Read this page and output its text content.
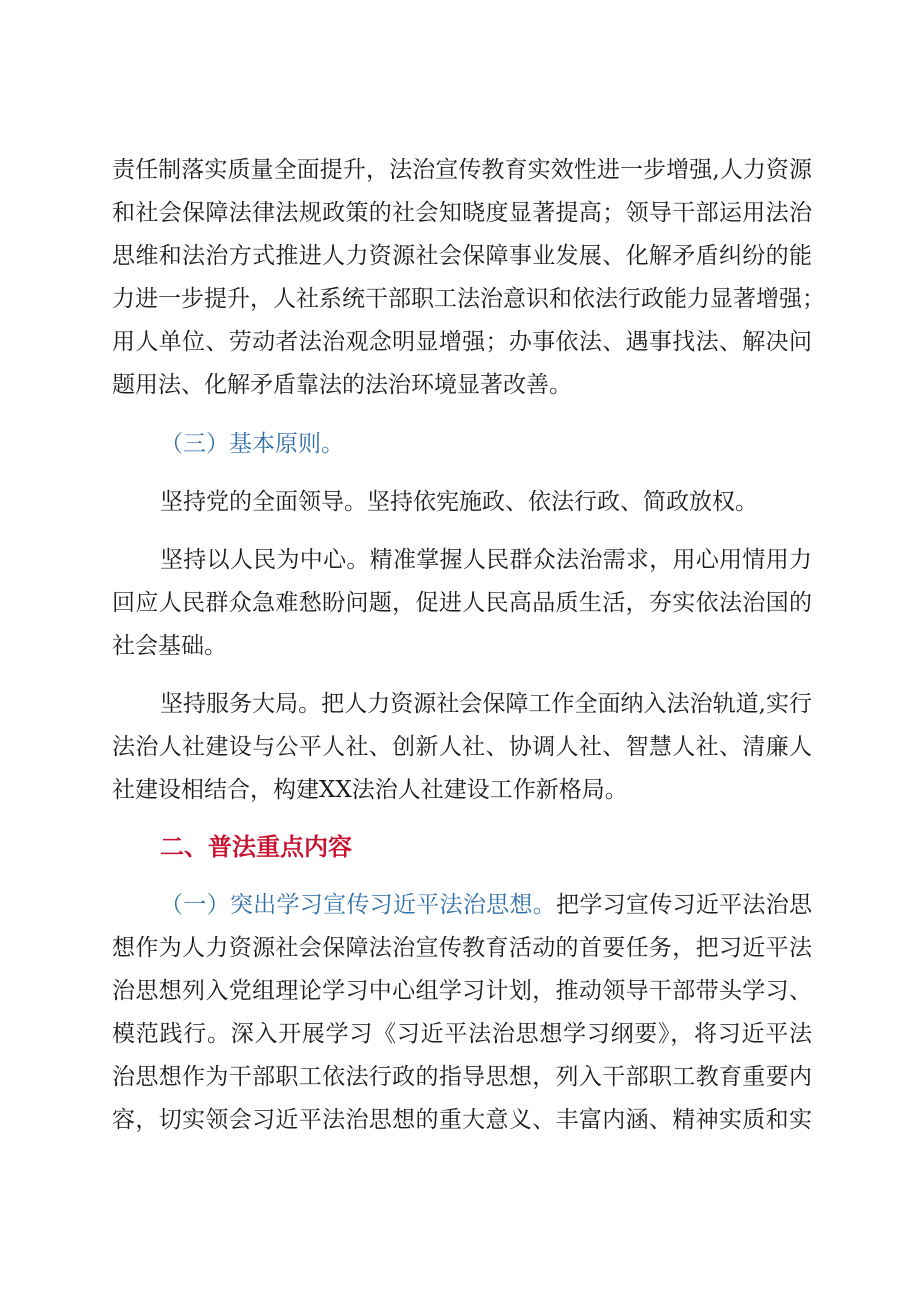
责任制落实质量全面提升，法治宣传教育实效性进一步增强,人力资源
和社会保障法律法规政策的社会知晓度显著提高；领导干部运用法治
思维和法治方式推进人力资源社会保障事业发展、化解矛盾纠纷的能
力进一步提升，人社系统干部职工法治意识和依法行政能力显著增强；
用人单位、劳动者法治观念明显增强；办事依法、遇事找法、解决问
题用法、化解矛盾靠法的法治环境显著改善。
（三）基本原则。
坚持党的全面领导。坚持依宪施政、依法行政、简政放权。
坚持以人民为中心。精准掌握人民群众法治需求，用心用情用力
回应人民群众急难愁盼问题，促进人民高品质生活，夯实依法治国的
社会基础。
坚持服务大局。把人力资源社会保障工作全面纳入法治轨道,实行
法治人社建设与公平人社、创新人社、协调人社、智慧人社、清廉人
社建设相结合，构建XX法治人社建设工作新格局。
二、普法重点内容
（一）突出学习宣传习近平法治思想。把学习宣传习近平法治思
想作为人力资源社会保障法治宣传教育活动的首要任务，把习近平法
治思想列入党组理论学习中心组学习计划，推动领导干部带头学习、
模范践行。深入开展学习《习近平法治思想学习纲要》，将习近平法
治思想作为干部职工依法行政的指导思想，列入干部职工教育重要内
容，切实领会习近平法治思想的重大意义、丰富内涵、精神实质和实
